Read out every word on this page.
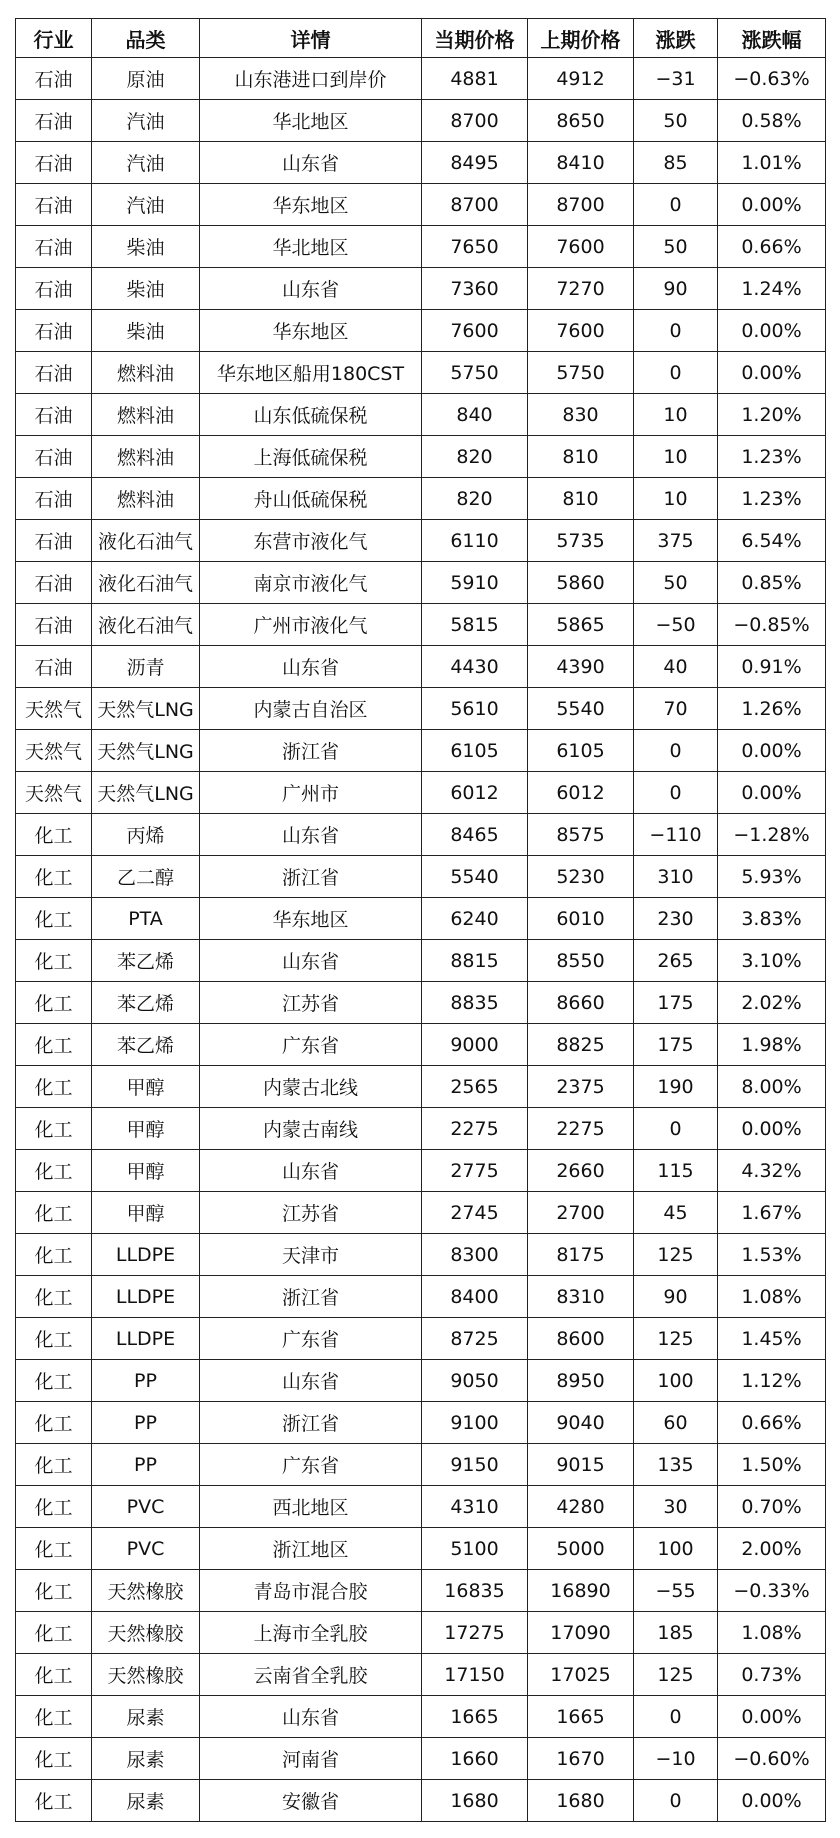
行业	品类	详情	当期价格	上期价格	涨跌	涨跌幅
石油	原油	山东港进口到岸价	4881	4912	−31	−0.63%
石油	汽油	华北地区	8700	8650	50	0.58%
石油	汽油	山东省	8495	8410	85	1.01%
石油	汽油	华东地区	8700	8700	0	0.00%
石油	柴油	华北地区	7650	7600	50	0.66%
石油	柴油	山东省	7360	7270	90	1.24%
石油	柴油	华东地区	7600	7600	0	0.00%
石油	燃料油	华东地区船用180CST	5750	5750	0	0.00%
石油	燃料油	山东低硫保税	840	830	10	1.20%
石油	燃料油	上海低硫保税	820	810	10	1.23%
石油	燃料油	舟山低硫保税	820	810	10	1.23%
石油	液化石油气	东营市液化气	6110	5735	375	6.54%
石油	液化石油气	南京市液化气	5910	5860	50	0.85%
石油	液化石油气	广州市液化气	5815	5865	−50	−0.85%
石油	沥青	山东省	4430	4390	40	0.91%
天然气	天然气LNG	内蒙古自治区	5610	5540	70	1.26%
天然气	天然气LNG	浙江省	6105	6105	0	0.00%
天然气	天然气LNG	广州市	6012	6012	0	0.00%
化工	丙烯	山东省	8465	8575	−110	−1.28%
化工	乙二醇	浙江省	5540	5230	310	5.93%
化工	PTA	华东地区	6240	6010	230	3.83%
化工	苯乙烯	山东省	8815	8550	265	3.10%
化工	苯乙烯	江苏省	8835	8660	175	2.02%
化工	苯乙烯	广东省	9000	8825	175	1.98%
化工	甲醇	内蒙古北线	2565	2375	190	8.00%
化工	甲醇	内蒙古南线	2275	2275	0	0.00%
化工	甲醇	山东省	2775	2660	115	4.32%
化工	甲醇	江苏省	2745	2700	45	1.67%
化工	LLDPE	天津市	8300	8175	125	1.53%
化工	LLDPE	浙江省	8400	8310	90	1.08%
化工	LLDPE	广东省	8725	8600	125	1.45%
化工	PP	山东省	9050	8950	100	1.12%
化工	PP	浙江省	9100	9040	60	0.66%
化工	PP	广东省	9150	9015	135	1.50%
化工	PVC	西北地区	4310	4280	30	0.70%
化工	PVC	浙江地区	5100	5000	100	2.00%
化工	天然橡胶	青岛市混合胶	16835	16890	−55	−0.33%
化工	天然橡胶	上海市全乳胶	17275	17090	185	1.08%
化工	天然橡胶	云南省全乳胶	17150	17025	125	0.73%
化工	尿素	山东省	1665	1665	0	0.00%
化工	尿素	河南省	1660	1670	−10	−0.60%
化工	尿素	安徽省	1680	1680	0	0.00%
